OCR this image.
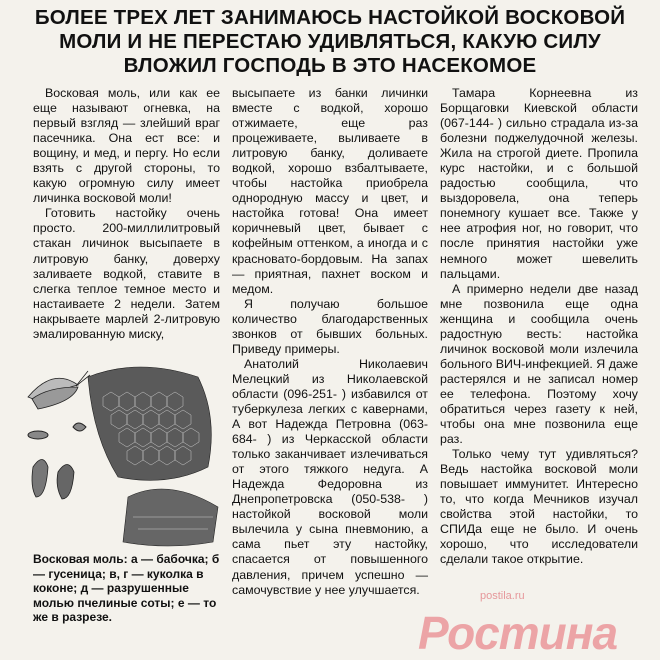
БОЛЕЕ ТРЕХ ЛЕТ ЗАНИМАЮСЬ НАСТОЙКОЙ ВОСКОВОЙ МОЛИ И НЕ ПЕРЕСТАЮ УДИВЛЯТЬСЯ, КАКУЮ СИЛУ ВЛОЖИЛ ГОСПОДЬ В ЭТО НАСЕКОМОЕ

Восковая моль, или как ее еще называют огневка, на первый взгляд — злейший враг пасечника. Она ест все: и вощину, и мед, и пергу. Но если взять с другой стороны, то какую огромную силу имеет личинка восковой моли!

Готовить настойку очень просто. 200-миллилитровый стакан личинок высыпаете в литровую банку, доверху заливаете водкой, ставите в слегка теплое темное место и настаиваете 2 недели. Затем накрываете марлей 2-литровую эмалированную миску,

высыпаете из банки личинки вместе с водкой, хорошо отжимаете, еще раз процеживаете, выливаете в литровую банку, доливаете водкой, хорошо взбалтываете, чтобы настойка приобрела однородную массу и цвет, и настойка готова! Она имеет коричневый цвет, бывает с кофейным оттенком, а иногда и с красновато-бордовым. На запах — приятная, пахнет воском и медом.

Я получаю большое количество благодарственных звонков от бывших больных. Приведу примеры.

Анатолий Николаевич Мелецкий из Николаевской области (096-251- ) избавился от туберкулеза легких с кавернами, А вот Надежда Петровна (063-684- ) из Черкасской области только заканчивает излечиваться от этого тяжкого недуга. А Надежда Федоровна из Днепропетровска (050-538- ) настойкой восковой моли вылечила у сына пневмонию, а сама пьет эту настойку, спасается от повышенного давления, причем успешно — самочувствие у нее улучшается.

Тамара Корнеевна из Борщаговки Киевской области (067-144- ) сильно страдала из-за болезни поджелудочной железы. Жила на строгой диете. Пропила курс настойки, и с большой радостью сообщила, что выздоровела, она теперь понемногу кушает все. Также у нее атрофия ног, но говорит, что после принятия настойки уже немного может шевелить пальцами.

А примерно недели две назад мне позвонила еще одна женщина и сообщила очень радостную весть: настойка личинок восковой моли излечила больного ВИЧ-инфекцией. Я даже растерялся и не записал номер ее телефона. Поэтому хочу обратиться через газету к ней, чтобы она мне позвонила еще раз.

Только чему тут удивляться? Ведь настойка восковой моли повышает иммунитет. Интересно то, что когда Мечников изучал свойства этой настойки, то СПИДа еще не было. И очень хорошо, что исследователи сделали такое открытие.

Восковая моль: а — бабочка; б — гусеница; в, г — куколка в коконе; д — разрушенные молью пчелиные соты; е — то же в разрезе.
postila.ru
Ростина
